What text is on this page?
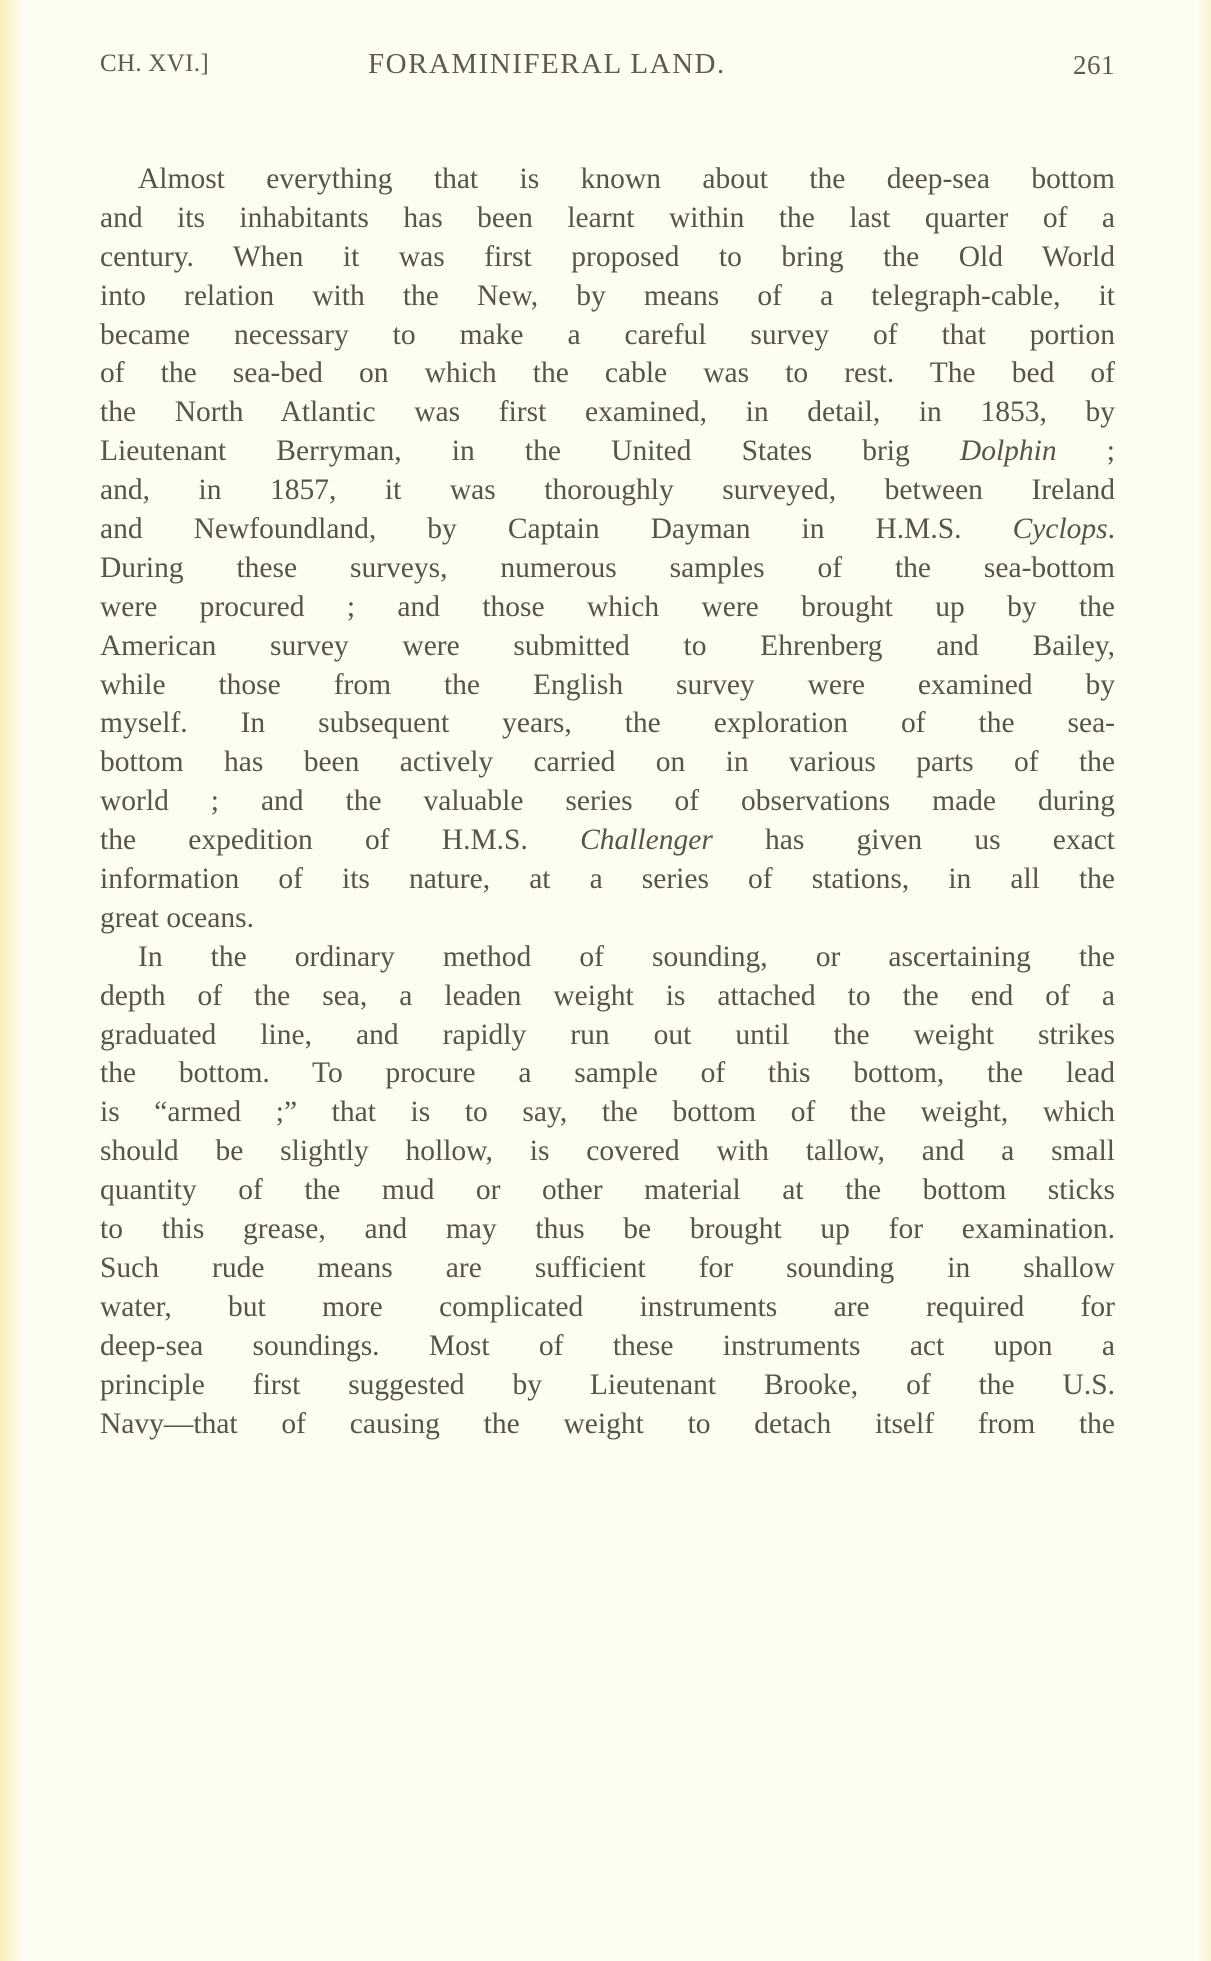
CH. XVI.]	FORAMINIFERAL LAND.	261
Almost everything that is known about the deep-sea bottom
and its inhabitants has been learnt within the last quarter of a
century. When it was first proposed to bring the Old World
into relation with the New, by means of a telegraph-cable, it
became necessary to make a careful survey of that portion
of the sea-bed on which the cable was to rest. The bed of
the North Atlantic was first examined, in detail, in 1853, by
Lieutenant Berryman, in the United States brig Dolphin ;
and, in 1857, it was thoroughly surveyed, between Ireland
and Newfoundland, by Captain Dayman in H.M.S. Cyclops.
During these surveys, numerous samples of the sea-bottom
were procured ; and those which were brought up by the
American survey were submitted to Ehrenberg and Bailey,
while those from the English survey were examined by
myself. In subsequent years, the exploration of the sea-
bottom has been actively carried on in various parts of the
world ; and the valuable series of observations made during
the expedition of H.M.S. Challenger has given us exact
information of its nature, at a series of stations, in all the
great oceans.
In the ordinary method of sounding, or ascertaining the
depth of the sea, a leaden weight is attached to the end of a
graduated line, and rapidly run out until the weight strikes
the bottom. To procure a sample of this bottom, the lead
is “armed ;” that is to say, the bottom of the weight, which
should be slightly hollow, is covered with tallow, and a small
quantity of the mud or other material at the bottom sticks
to this grease, and may thus be brought up for examination.
Such rude means are sufficient for sounding in shallow
water, but more complicated instruments are required for
deep-sea soundings. Most of these instruments act upon a
principle first suggested by Lieutenant Brooke, of the U.S.
Navy—that of causing the weight to detach itself from the
